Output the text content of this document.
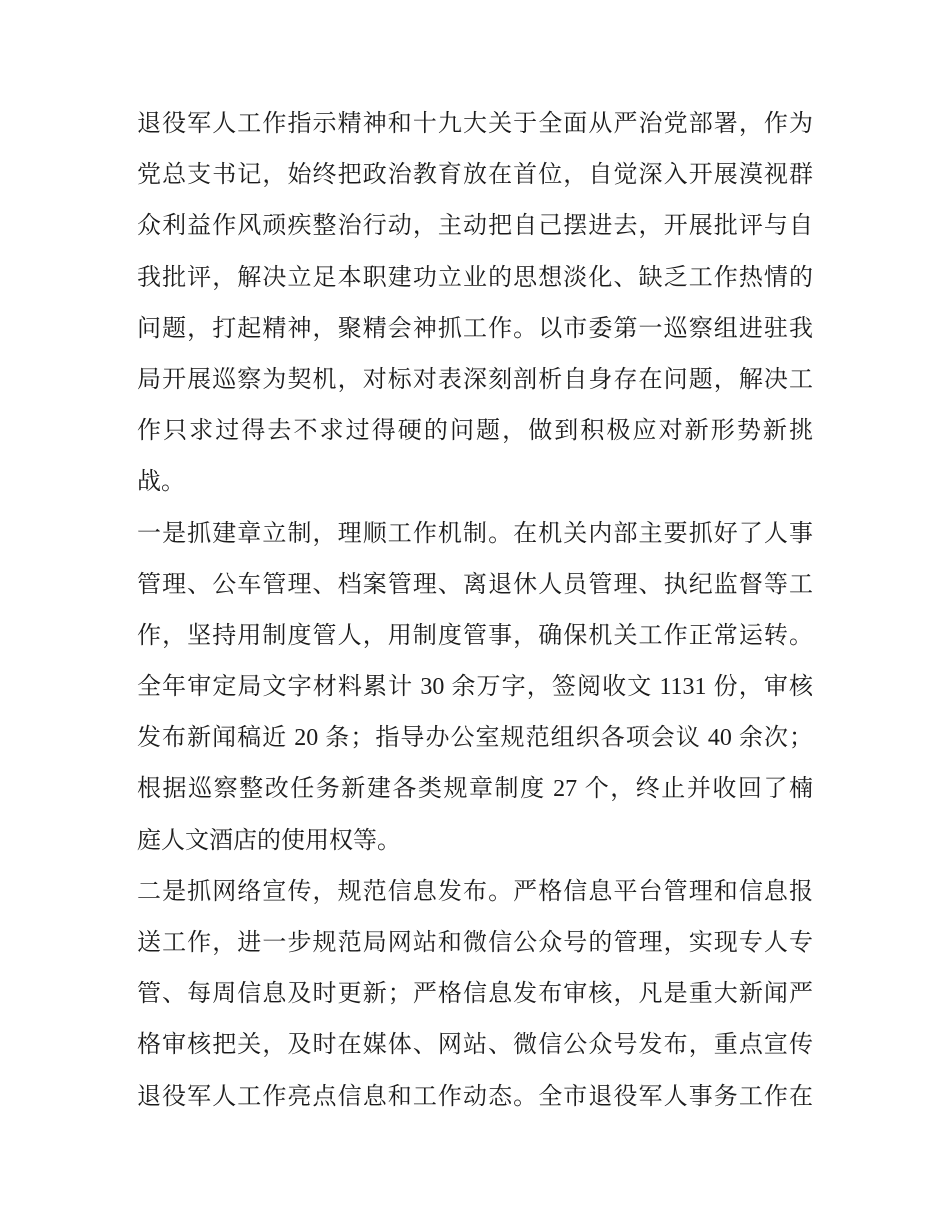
退役军人工作指示精神和十九大关于全面从严治党部署，作为
党总支书记，始终把政治教育放在首位，自觉深入开展漠视群
众利益作风顽疾整治行动，主动把自己摆进去，开展批评与自
我批评，解决立足本职建功立业的思想淡化、缺乏工作热情的
问题，打起精神，聚精会神抓工作。以市委第一巡察组进驻我
局开展巡察为契机，对标对表深刻剖析自身存在问题，解决工
作只求过得去不求过得硬的问题，做到积极应对新形势新挑
战。
一是抓建章立制，理顺工作机制。在机关内部主要抓好了人事
管理、公车管理、档案管理、离退休人员管理、执纪监督等工
作，坚持用制度管人，用制度管事，确保机关工作正常运转。
全年审定局文字材料累计 30 余万字，签阅收文 1131 份，审核
发布新闻稿近 20 条；指导办公室规范组织各项会议 40 余次；
根据巡察整改任务新建各类规章制度 27 个，终止并收回了楠
庭人文酒店的使用权等。
二是抓网络宣传，规范信息发布。严格信息平台管理和信息报
送工作，进一步规范局网站和微信公众号的管理，实现专人专
管、每周信息及时更新；严格信息发布审核，凡是重大新闻严
格审核把关，及时在媒体、网站、微信公众号发布，重点宣传
退役军人工作亮点信息和工作动态。全市退役军人事务工作在
